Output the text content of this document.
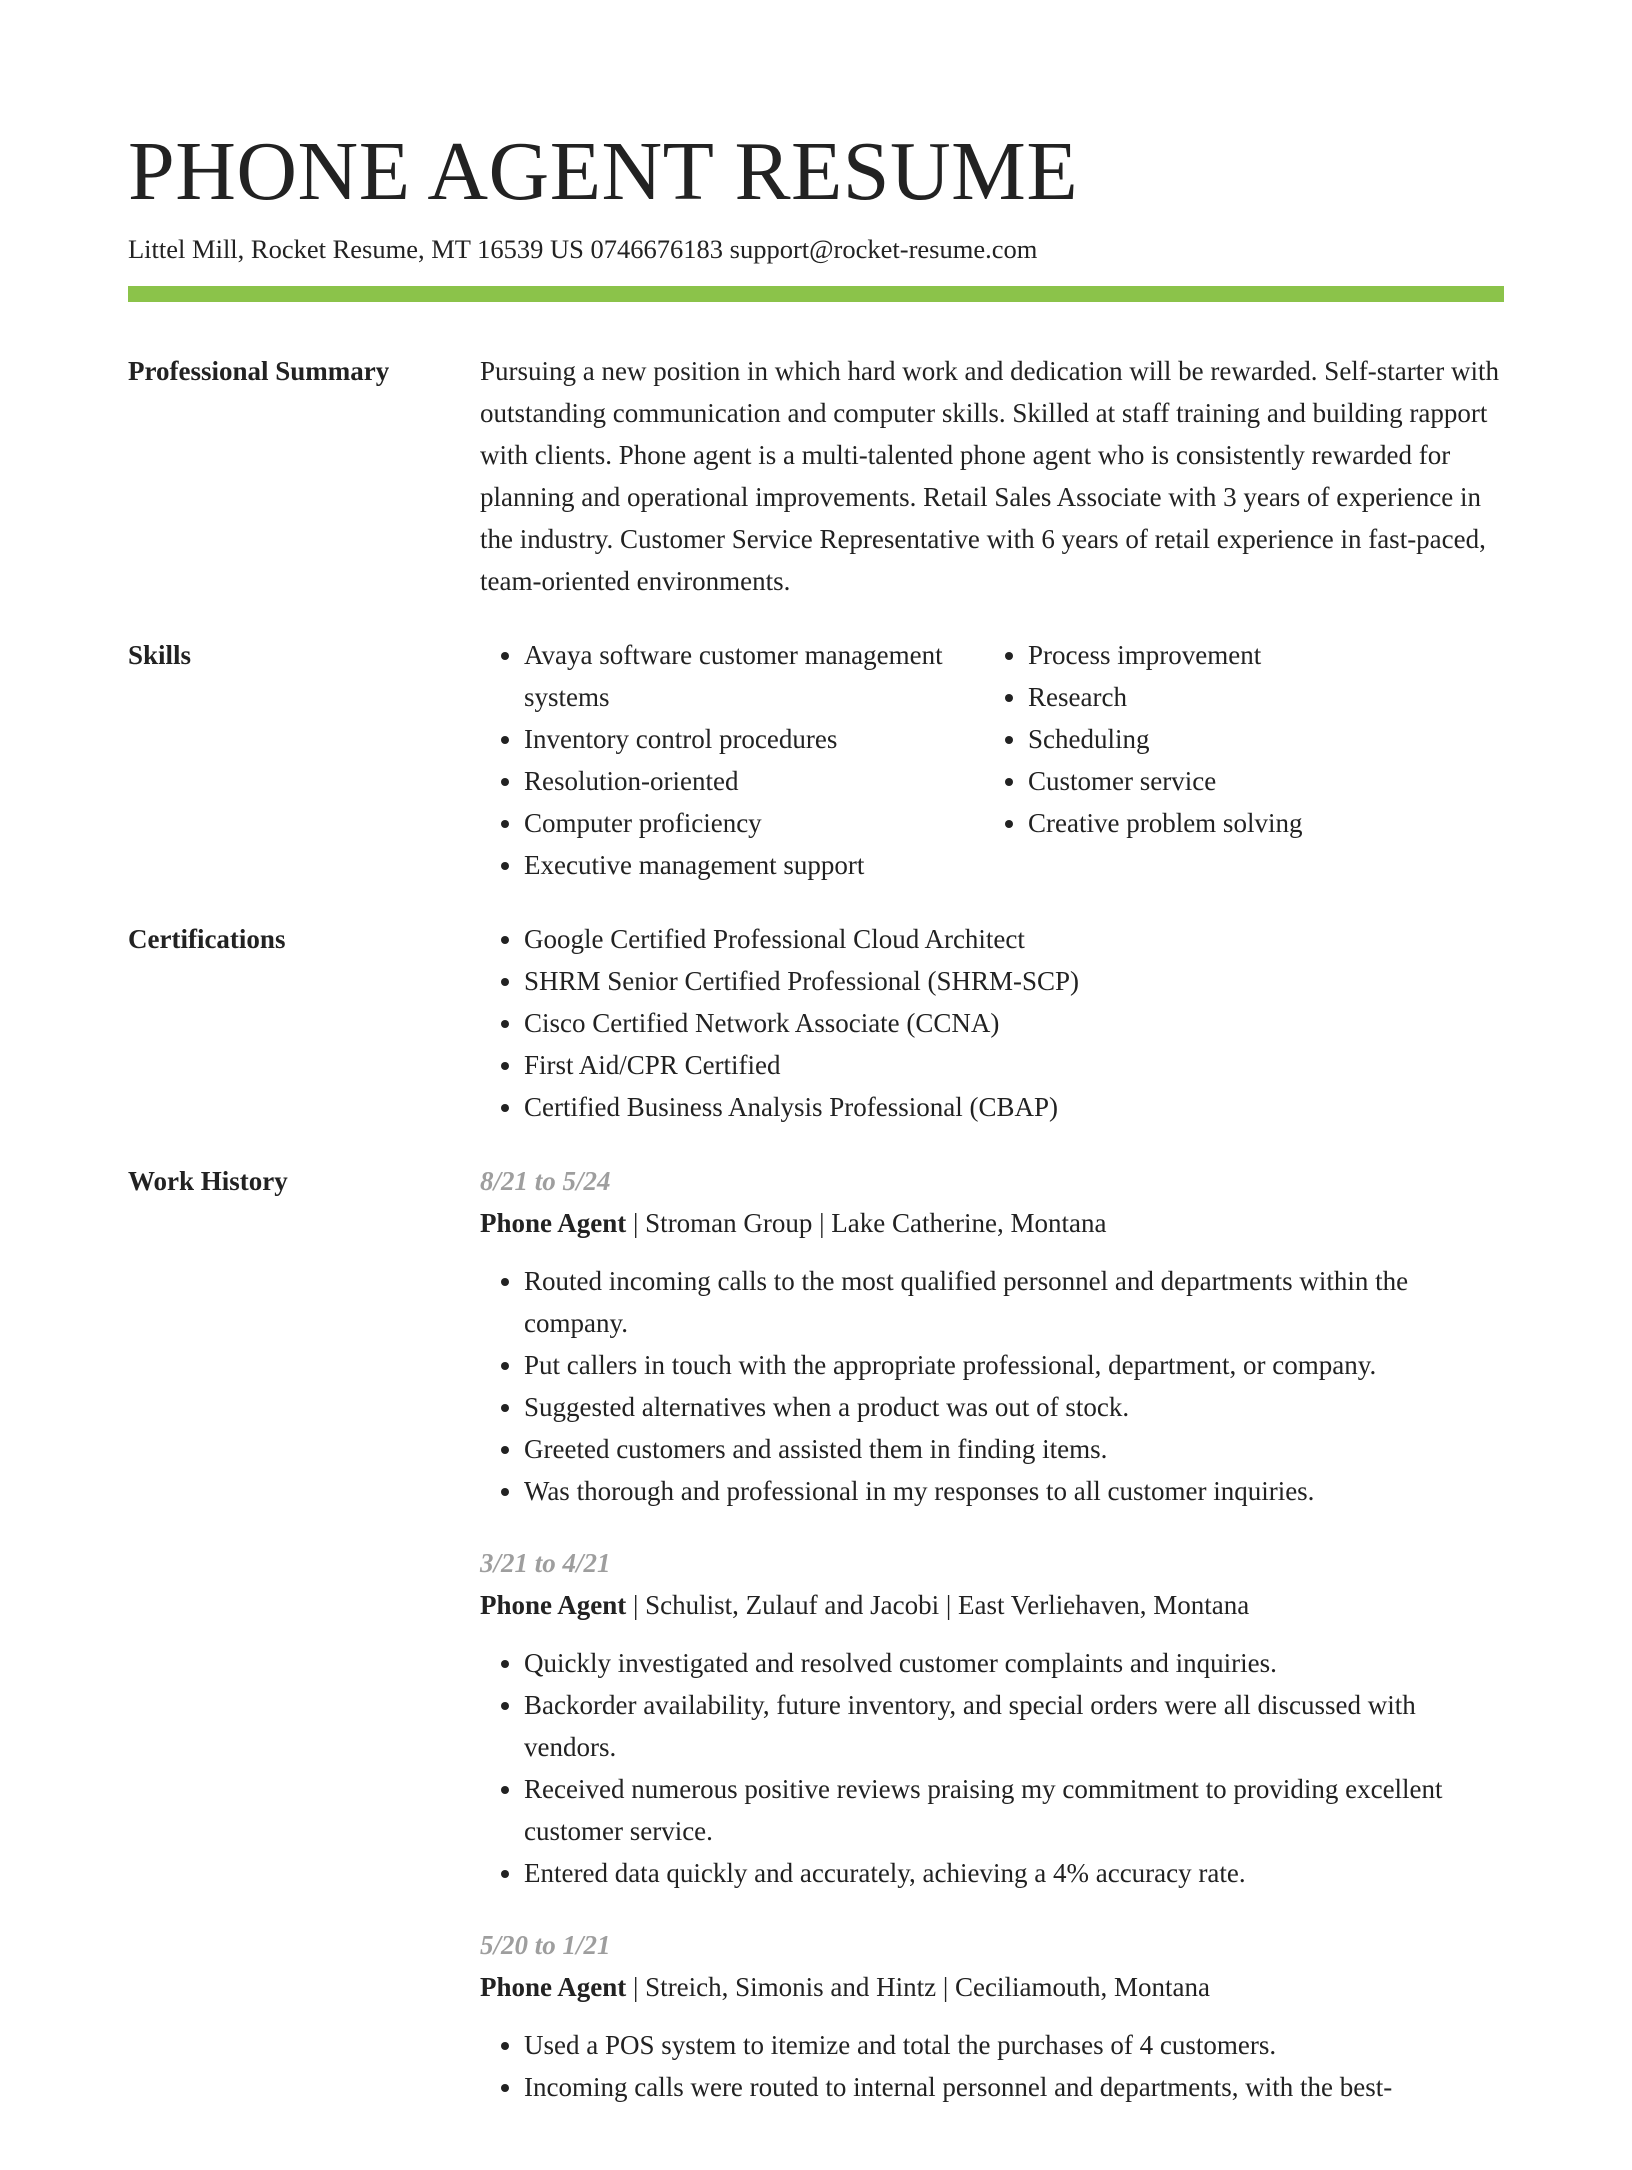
PHONE AGENT RESUME
Littel Mill, Rocket Resume, MT 16539 US 0746676183 support@rocket-resume.com
Professional Summary	Pursuing a new position in which hard work and dedication will be rewarded. Self-starter with outstanding communication and computer skills. Skilled at staff training and building rapport with clients. Phone agent is a multi-talented phone agent who is consistently rewarded for planning and operational improvements. Retail Sales Associate with 3 years of experience in the industry. Customer Service Representative with 6 years of retail experience in fast-paced, team-oriented environments.

Skills	• Avaya software customer management systems
• Inventory control procedures
• Resolution-oriented
• Computer proficiency
• Executive management support
• Process improvement
• Research
• Scheduling
• Customer service
• Creative problem solving
Certifications	• Google Certified Professional Cloud Architect
• SHRM Senior Certified Professional (SHRM-SCP)
• Cisco Certified Network Associate (CCNA)
• First Aid/CPR Certified
• Certified Business Analysis Professional (CBAP)
Work History	8/21 to 5/24

Phone Agent | Stroman Group | Lake Catherine, Montana

• Routed incoming calls to the most qualified personnel and departments within the company.
• Put callers in touch with the appropriate professional, department, or company.
• Suggested alternatives when a product was out of stock.
• Greeted customers and assisted them in finding items.
• Was thorough and professional in my responses to all customer inquiries.

3/21 to 4/21

Phone Agent | Schulist, Zulauf and Jacobi | East Verliehaven, Montana

• Quickly investigated and resolved customer complaints and inquiries.
• Backorder availability, future inventory, and special orders were all discussed with vendors.
• Received numerous positive reviews praising my commitment to providing excellent customer service.
• Entered data quickly and accurately, achieving a 4% accuracy rate.

5/20 to 1/21

Phone Agent | Streich, Simonis and Hintz | Ceciliamouth, Montana

• Used a POS system to itemize and total the purchases of 4 customers.
• Incoming calls were routed to internal personnel and departments, with the best-
